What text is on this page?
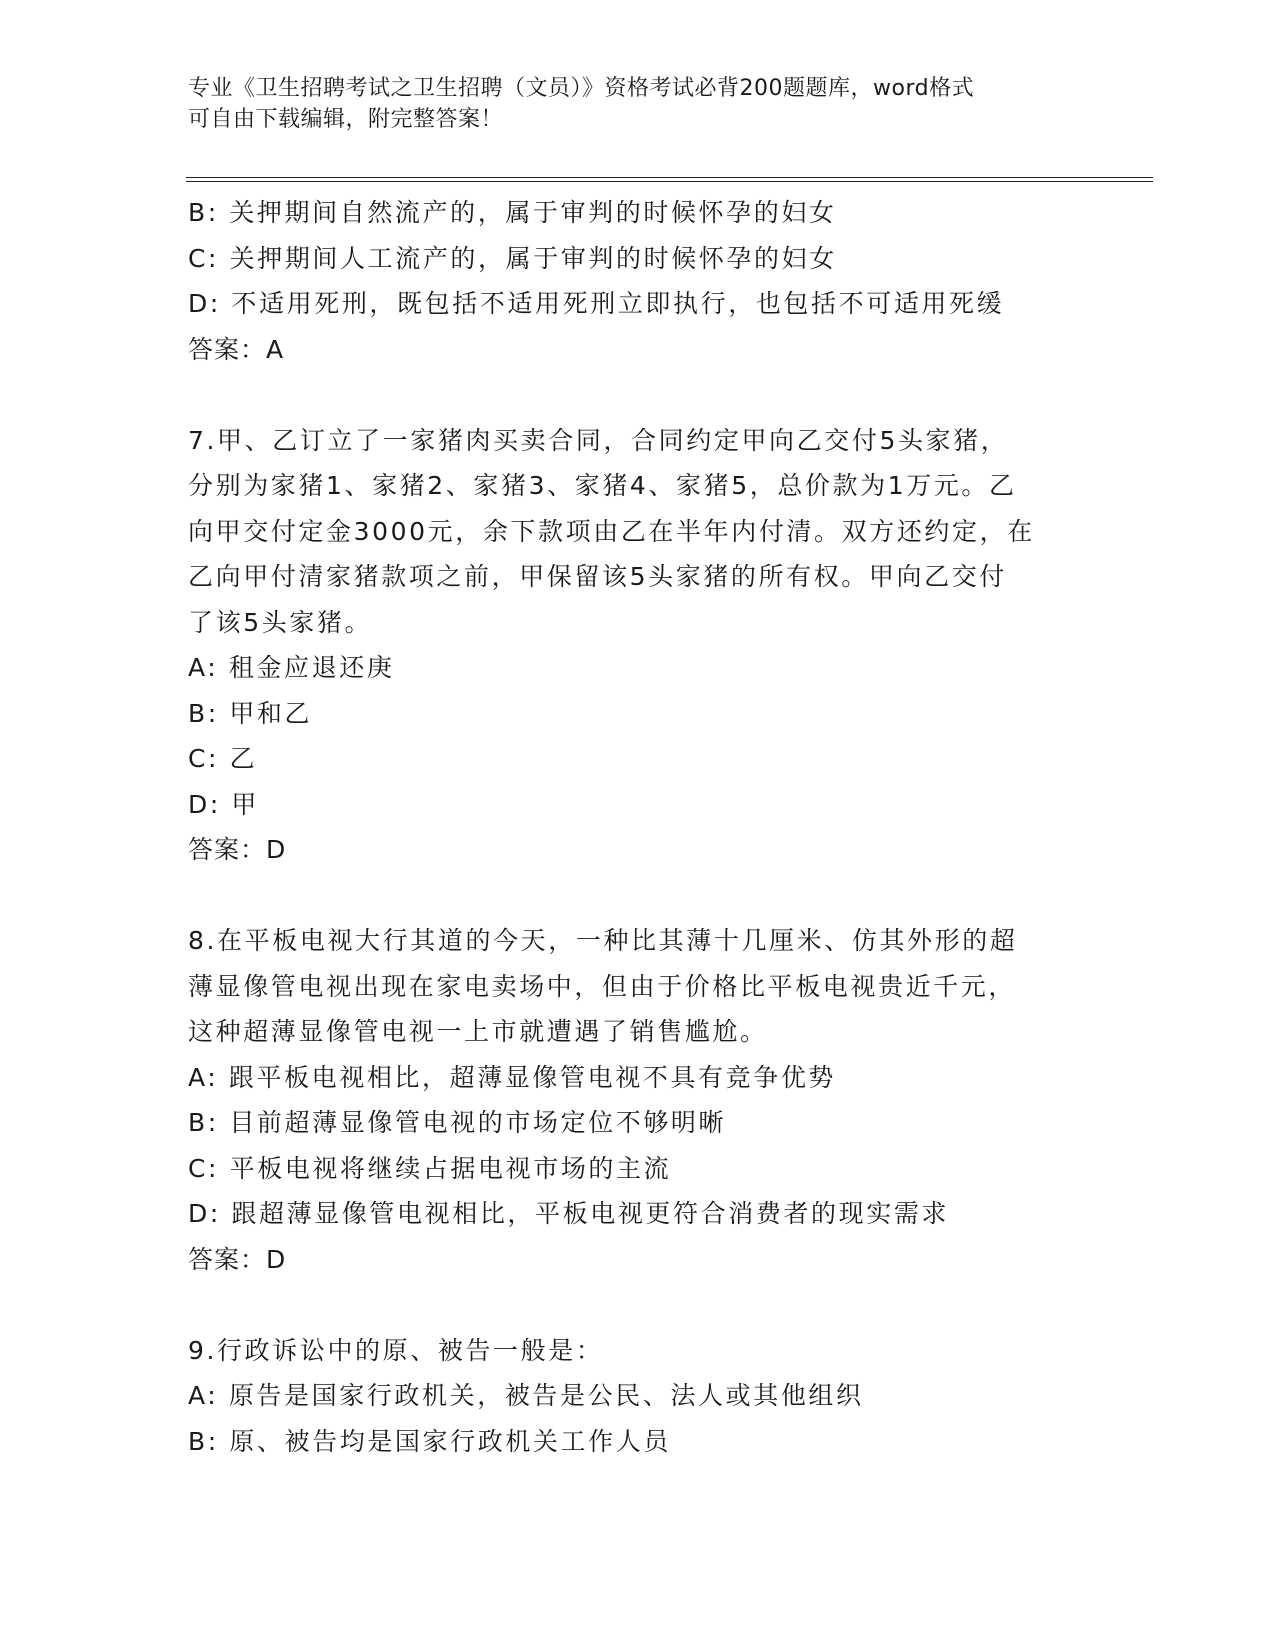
专业《卫生招聘考试之卫生招聘（文员）》资格考试必背200题题库，word格式
可自由下载编辑，附完整答案！
B: 关押期间自然流产的，属于审判的时候怀孕的妇女
C: 关押期间人工流产的，属于审判的时候怀孕的妇女
D: 不适用死刑，既包括不适用死刑立即执行，也包括不可适用死缓
答案：A
7.甲、乙订立了一家猪肉买卖合同，合同约定甲向乙交付5头家猪，
分别为家猪1、家猪2、家猪3、家猪4、家猪5，总价款为1万元。乙
向甲交付定金3000元，余下款项由乙在半年内付清。双方还约定，在
乙向甲付清家猪款项之前，甲保留该5头家猪的所有权。甲向乙交付
了该5头家猪。
A: 租金应退还庚
B: 甲和乙
C: 乙
D: 甲
答案：D
8.在平板电视大行其道的今天，一种比其薄十几厘米、仿其外形的超
薄显像管电视出现在家电卖场中，但由于价格比平板电视贵近千元，
这种超薄显像管电视一上市就遭遇了销售尴尬。
A: 跟平板电视相比，超薄显像管电视不具有竞争优势
B: 目前超薄显像管电视的市场定位不够明晰
C: 平板电视将继续占据电视市场的主流
D: 跟超薄显像管电视相比，平板电视更符合消费者的现实需求
答案：D
9.行政诉讼中的原、被告一般是：
A: 原告是国家行政机关，被告是公民、法人或其他组织
B: 原、被告均是国家行政机关工作人员
